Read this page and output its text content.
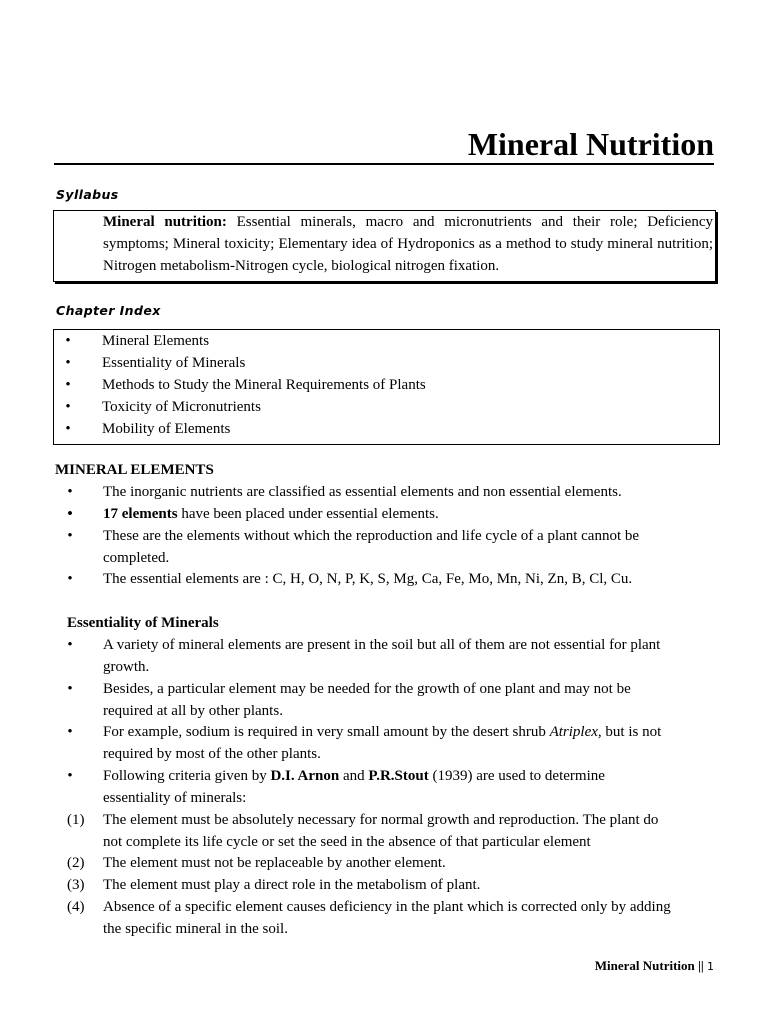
Mineral Nutrition
Syllabus
Mineral nutrition: Essential minerals, macro and micronutrients and their role; Deficiency symptoms; Mineral toxicity; Elementary idea of Hydroponics as a method to study mineral nutrition; Nitrogen metabolism-Nitrogen cycle, biological nitrogen fixation.
Chapter Index
• Mineral Elements
• Essentiality of Minerals
• Methods to Study the Mineral Requirements of Plants
• Toxicity of Micronutrients
• Mobility of Elements
MINERAL ELEMENTS
• The inorganic nutrients are classified as essential elements and non essential elements.
• 17 elements have been placed under essential elements.
• These are the elements without which the reproduction and life cycle of a plant cannot be
completed.
• The essential elements are : C, H, O, N, P, K, S, Mg, Ca, Fe, Mo, Mn, Ni, Zn, B, Cl, Cu.
Essentiality of Minerals
• A variety of mineral elements are present in the soil but all of them are not essential for plant
growth.
• Besides, a particular element may be needed for the growth of one plant and may not be
required at all by other plants.
• For example, sodium is required in very small amount by the desert shrub Atriplex, but is not
required by most of the other plants.
• Following criteria given by D.I. Arnon and P.R.Stout (1939) are used to determine
essentiality of minerals:
(1) The element must be absolutely necessary for normal growth and reproduction. The plant do
not complete its life cycle or set the seed in the absence of that particular element
(2) The element must not be replaceable by another element.
(3) The element must play a direct role in the metabolism of plant.
(4) Absence of a specific element causes deficiency in the plant which is corrected only by adding
the specific mineral in the soil.
Mineral Nutrition || 1
